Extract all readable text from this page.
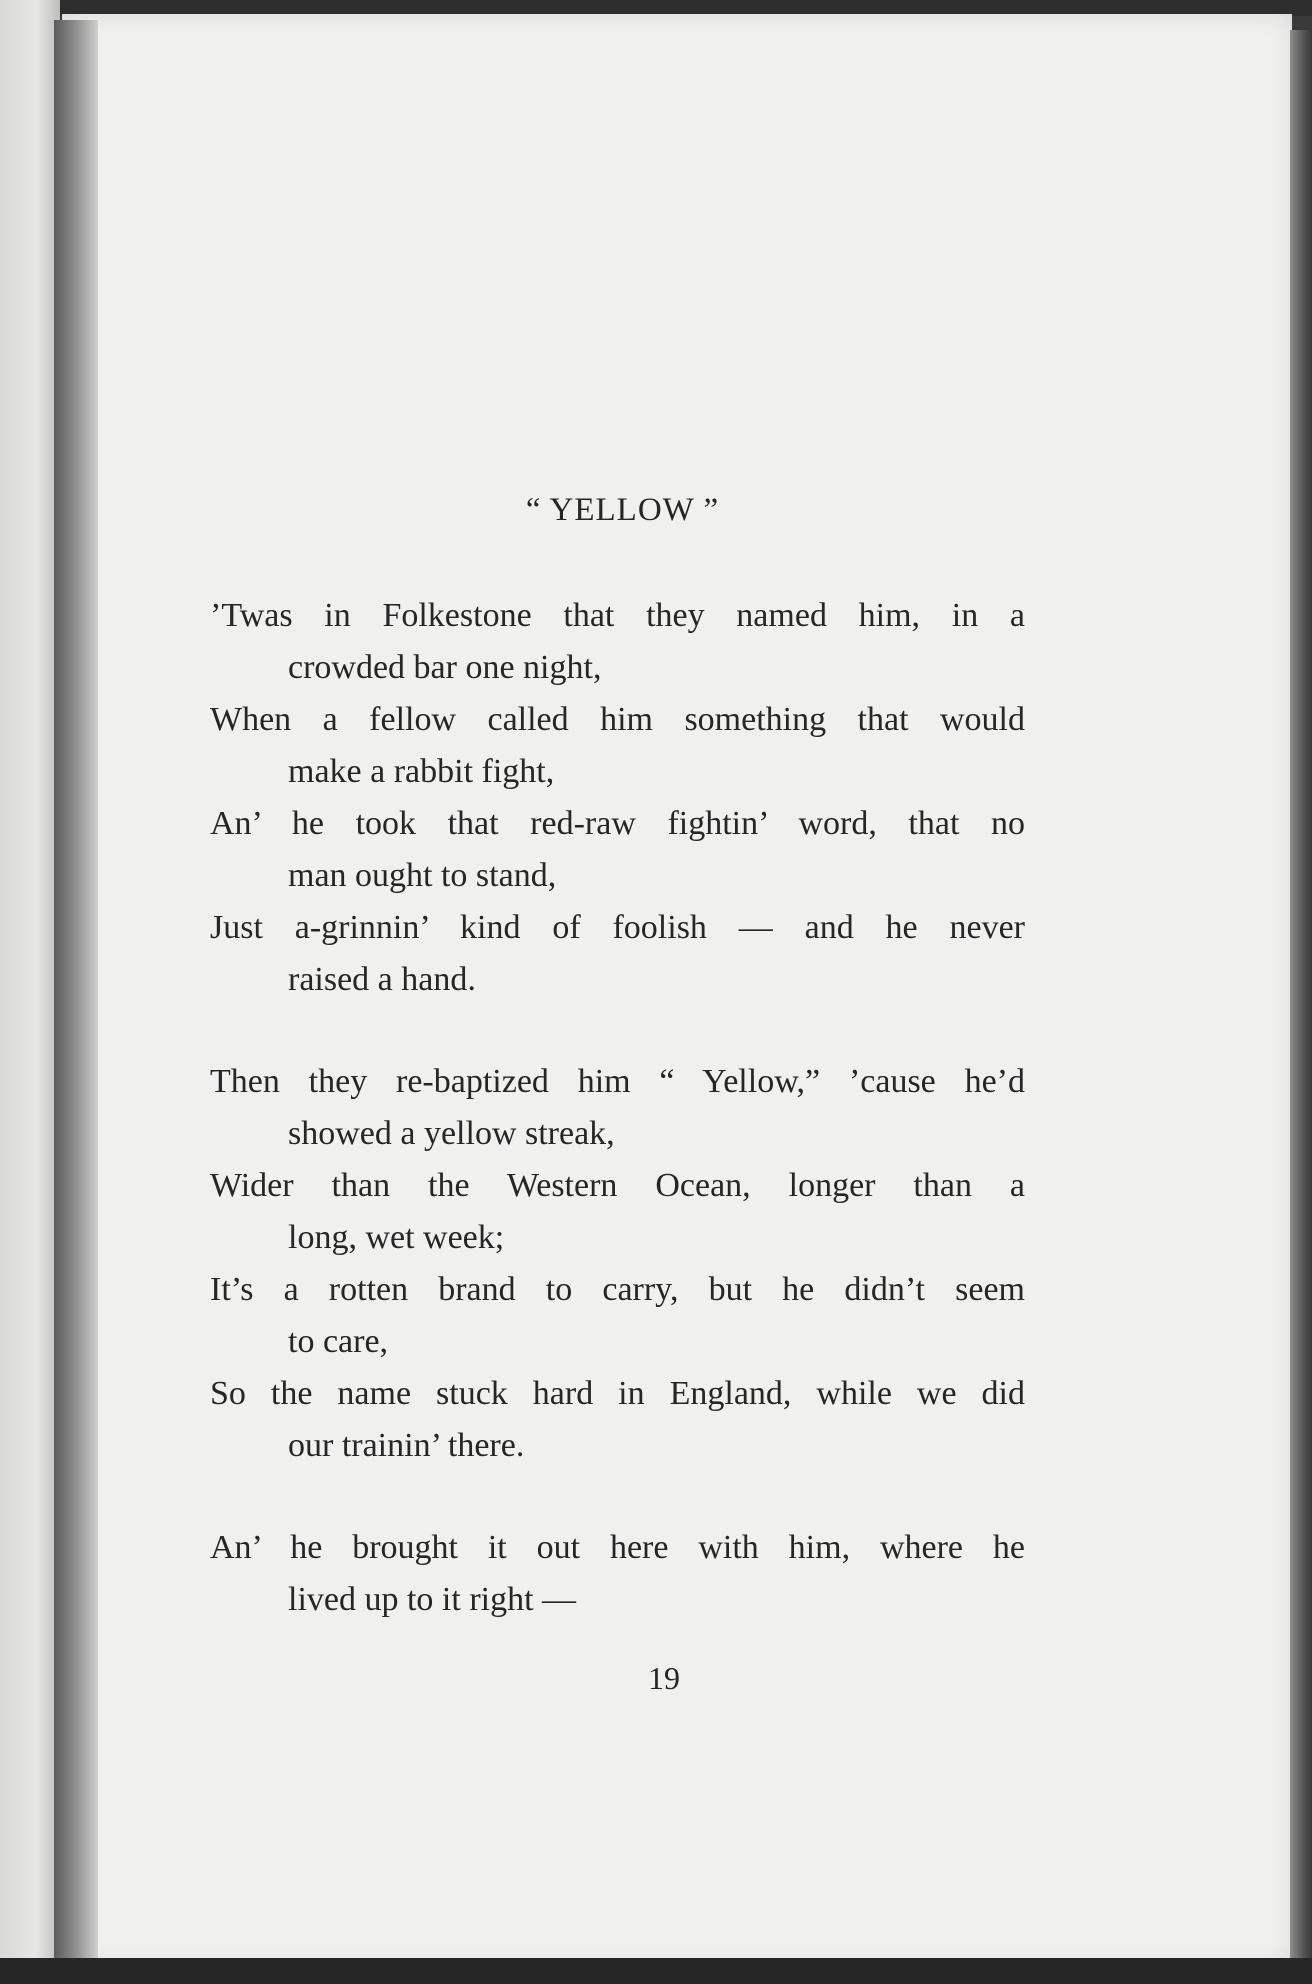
“ YELLOW ”

’Twas in Folkestone that they named him, in a

crowded bar one night,

When a fellow called him something that would

make a rabbit fight,

An’ he took that red-raw fightin’ word, that no

man ought to stand,

Just a-grinnin’ kind of foolish — and he never

raised a hand.

Then they re-baptized him “ Yellow,” ’cause he’d

showed a yellow streak,

Wider than the Western Ocean, longer than a

long, wet week;

It’s a rotten brand to carry, but he didn’t seem

to care,

So the name stuck hard in England, while we did

our trainin’ there.

An’ he brought it out here with him, where he

lived up to it right —

19
